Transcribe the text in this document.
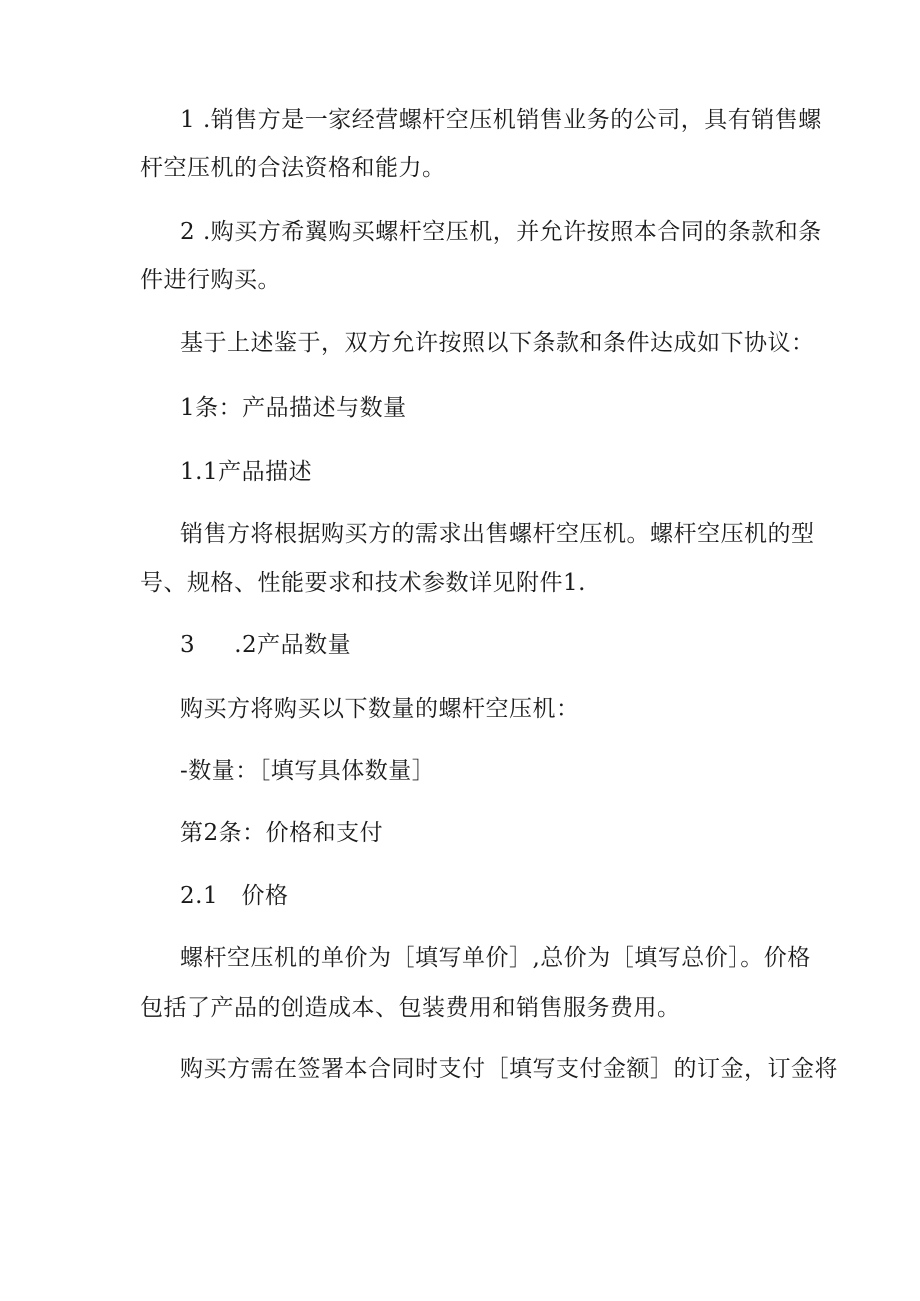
1 .销售方是一家经营螺杆空压机销售业务的公司，具有销售螺
杆空压机的合法资格和能力。
2 .购买方希翼购买螺杆空压机，并允许按照本合同的条款和条
件进行购买。
基于上述鉴于，双方允许按照以下条款和条件达成如下协议：
1条：产品描述与数量
1.1产品描述
销售方将根据购买方的需求出售螺杆空压机。螺杆空压机的型
号、规格、性能要求和技术参数详见附件1.
3     .2产品数量
购买方将购买以下数量的螺杆空压机：
-数量：［填写具体数量］
第2条：价格和支付
2.1   价格
螺杆空压机的单价为［填写单价］,总价为［填写总价］。价格
包括了产品的创造成本、包装费用和销售服务费用。
购买方需在签署本合同时支付［填写支付金额］的订金，订金将
